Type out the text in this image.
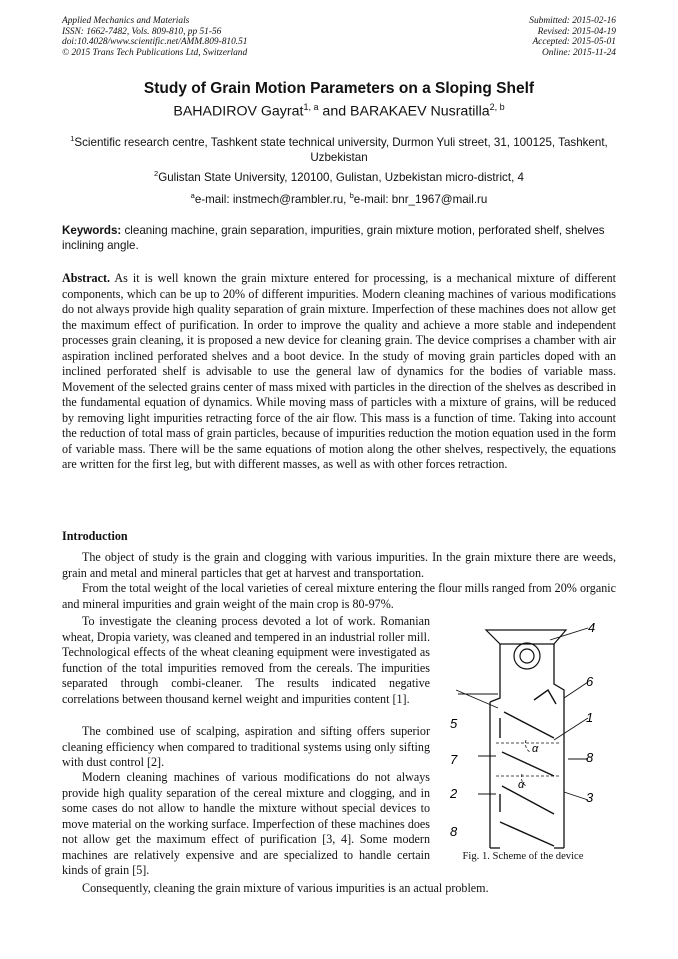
Applied Mechanics and Materials
ISSN: 1662-7482, Vols. 809-810, pp 51-56
doi:10.4028/www.scientific.net/AMM.809-810.51
© 2015 Trans Tech Publications Ltd, Switzerland
Submitted: 2015-02-16
Revised: 2015-04-19
Accepted: 2015-05-01
Online: 2015-11-24
Study of Grain Motion Parameters on a Sloping Shelf
BAHADIROV Gayrat$^{1, a}$ and BARAKAEV Nusratilla$^{2, b}$
$^1$Scientific research centre, Tashkent state technical university, Durmon Yuli street, 31, 100125, Tashkent, Uzbekistan
$^2$Gulistan State University, 120100, Gulistan, Uzbekistan micro-district, 4
$^a$e-mail: instmech@rambler.ru, $^b$e-mail: bnr_1967@mail.ru
Keywords: cleaning machine, grain separation, impurities, grain mixture motion, perforated shelf, shelves inclining angle.
Abstract. As it is well known the grain mixture entered for processing, is a mechanical mixture of different components, which can be up to 20% of different impurities. Modern cleaning machines of various modifications do not always provide high quality separation of grain mixture. Imperfection of these machines does not allow get the maximum effect of purification. In order to improve the quality and achieve a more stable and independent processes grain cleaning, it is proposed a new device for cleaning grain. The device comprises a chamber with air aspiration inclined perforated shelves and a boot device. In the study of moving grain particles doped with an inclined perforated shelf is advisable to use the general law of dynamics for the bodies of variable mass. Movement of the selected grains center of mass mixed with particles in the direction of the shelves as described in the fundamental equation of dynamics. While moving mass of particles with a mixture of grains, will be reduced by removing light impurities retracting force of the air flow. This mass is a function of time. Taking into account the reduction of total mass of grain particles, because of impurities reduction the motion equation used in the form of variable mass. There will be the same equations of motion along the other shelves, respectively, the equations are written for the first leg, but with different masses, as well as with other forces retraction.
Introduction
The object of study is the grain and clogging with various impurities. In the grain mixture there are weeds, grain and metal and mineral particles that get at harvest and transportation.
From the total weight of the local varieties of cereal mixture entering the flour mills ranged from 20% organic and mineral impurities and grain weight of the main crop is 80-97%.
To investigate the cleaning process devoted a lot of work. Romanian wheat, Dropia variety, was cleaned and tempered in an industrial roller mill. Technological effects of the wheat cleaning equipment were investigated as function of the total impurities removed from the cereals. The impurities separated through combi-cleaner. The results indicated negative correlations between thousand kernel weight and impurities content [1].
The combined use of scalping, aspiration and sifting offers superior cleaning efficiency when compared to traditional systems using only sifting with dust control [2].
Modern cleaning machines of various modifications do not always provide high quality separation of the cereal mixture and clogging, and in some cases do not allow to handle the mixture without special devices to move material on the working surface. Imperfection of these machines does not allow get the maximum effect of purification [3, 4]. Some modern machines are relatively expensive and are specialized to handle certain kinds of grain [5].
Consequently, cleaning the grain mixture of various impurities is an actual problem.
4
6
1
5
7	8
2	3
8
α
α
Fig. 1. Scheme of the device
